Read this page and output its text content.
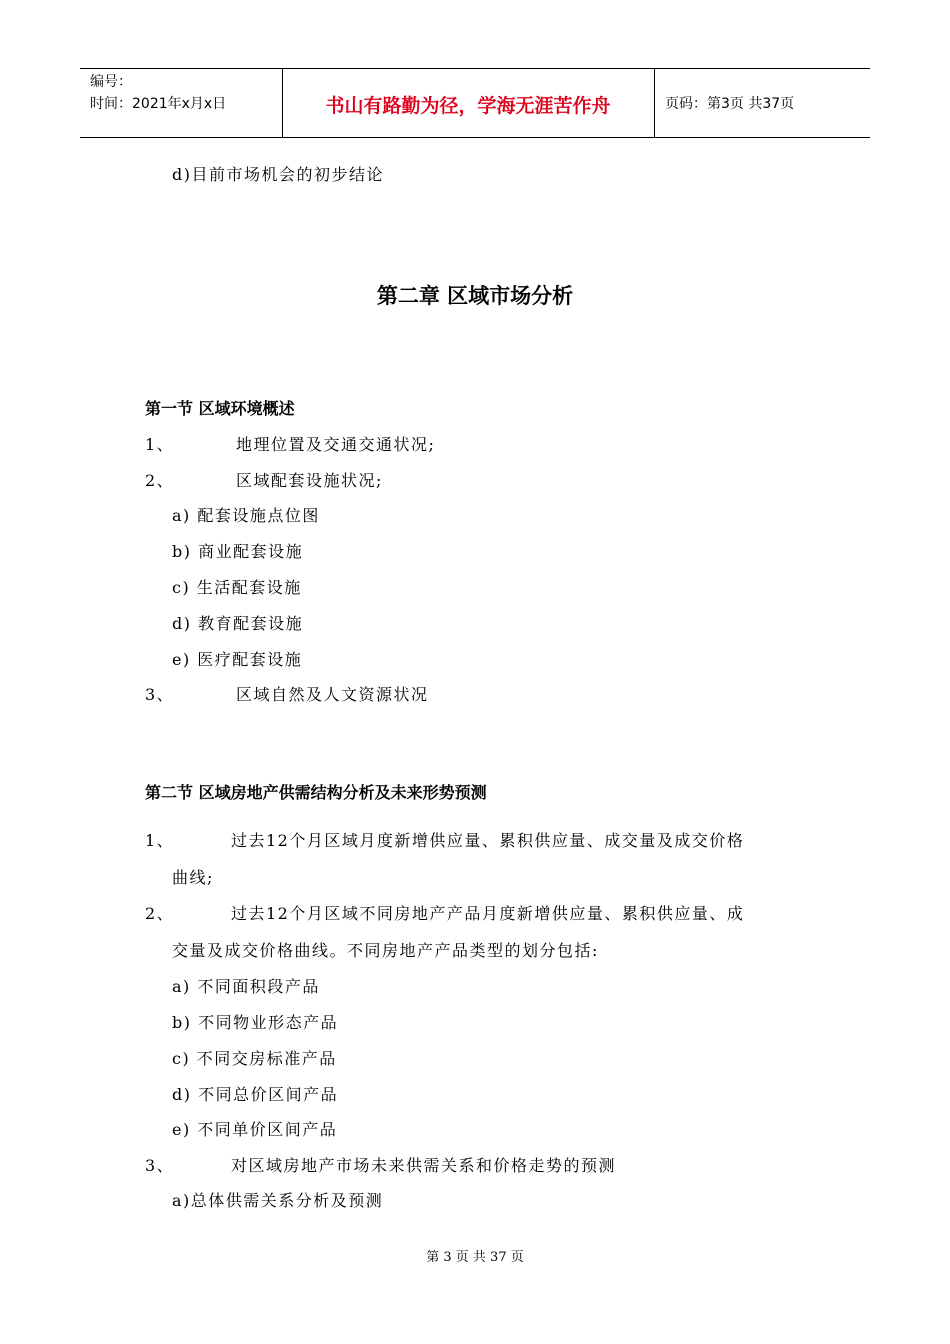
编号：
时间：2021年x月x日	书山有路勤为径，学海无涯苦作舟	页码：第3页 共37页
d)目前市场机会的初步结论
第二章 区域市场分析
第一节 区域环境概述
1、	地理位置及交通交通状况;
2、	区域配套设施状况;
a) 配套设施点位图
b) 商业配套设施
c) 生活配套设施
d) 教育配套设施
e) 医疗配套设施
3、	区域自然及人文资源状况
第二节 区域房地产供需结构分析及未来形势预测
1、	过去12个月区域月度新增供应量、累积供应量、成交量及成交价格
曲线;
2、	过去12个月区域不同房地产产品月度新增供应量、累积供应量、成
交量及成交价格曲线。不同房地产产品类型的划分包括:
a) 不同面积段产品
b) 不同物业形态产品
c) 不同交房标准产品
d) 不同总价区间产品
e) 不同单价区间产品
3、	对区域房地产市场未来供需关系和价格走势的预测
a)总体供需关系分析及预测
第 3 页 共 37 页
